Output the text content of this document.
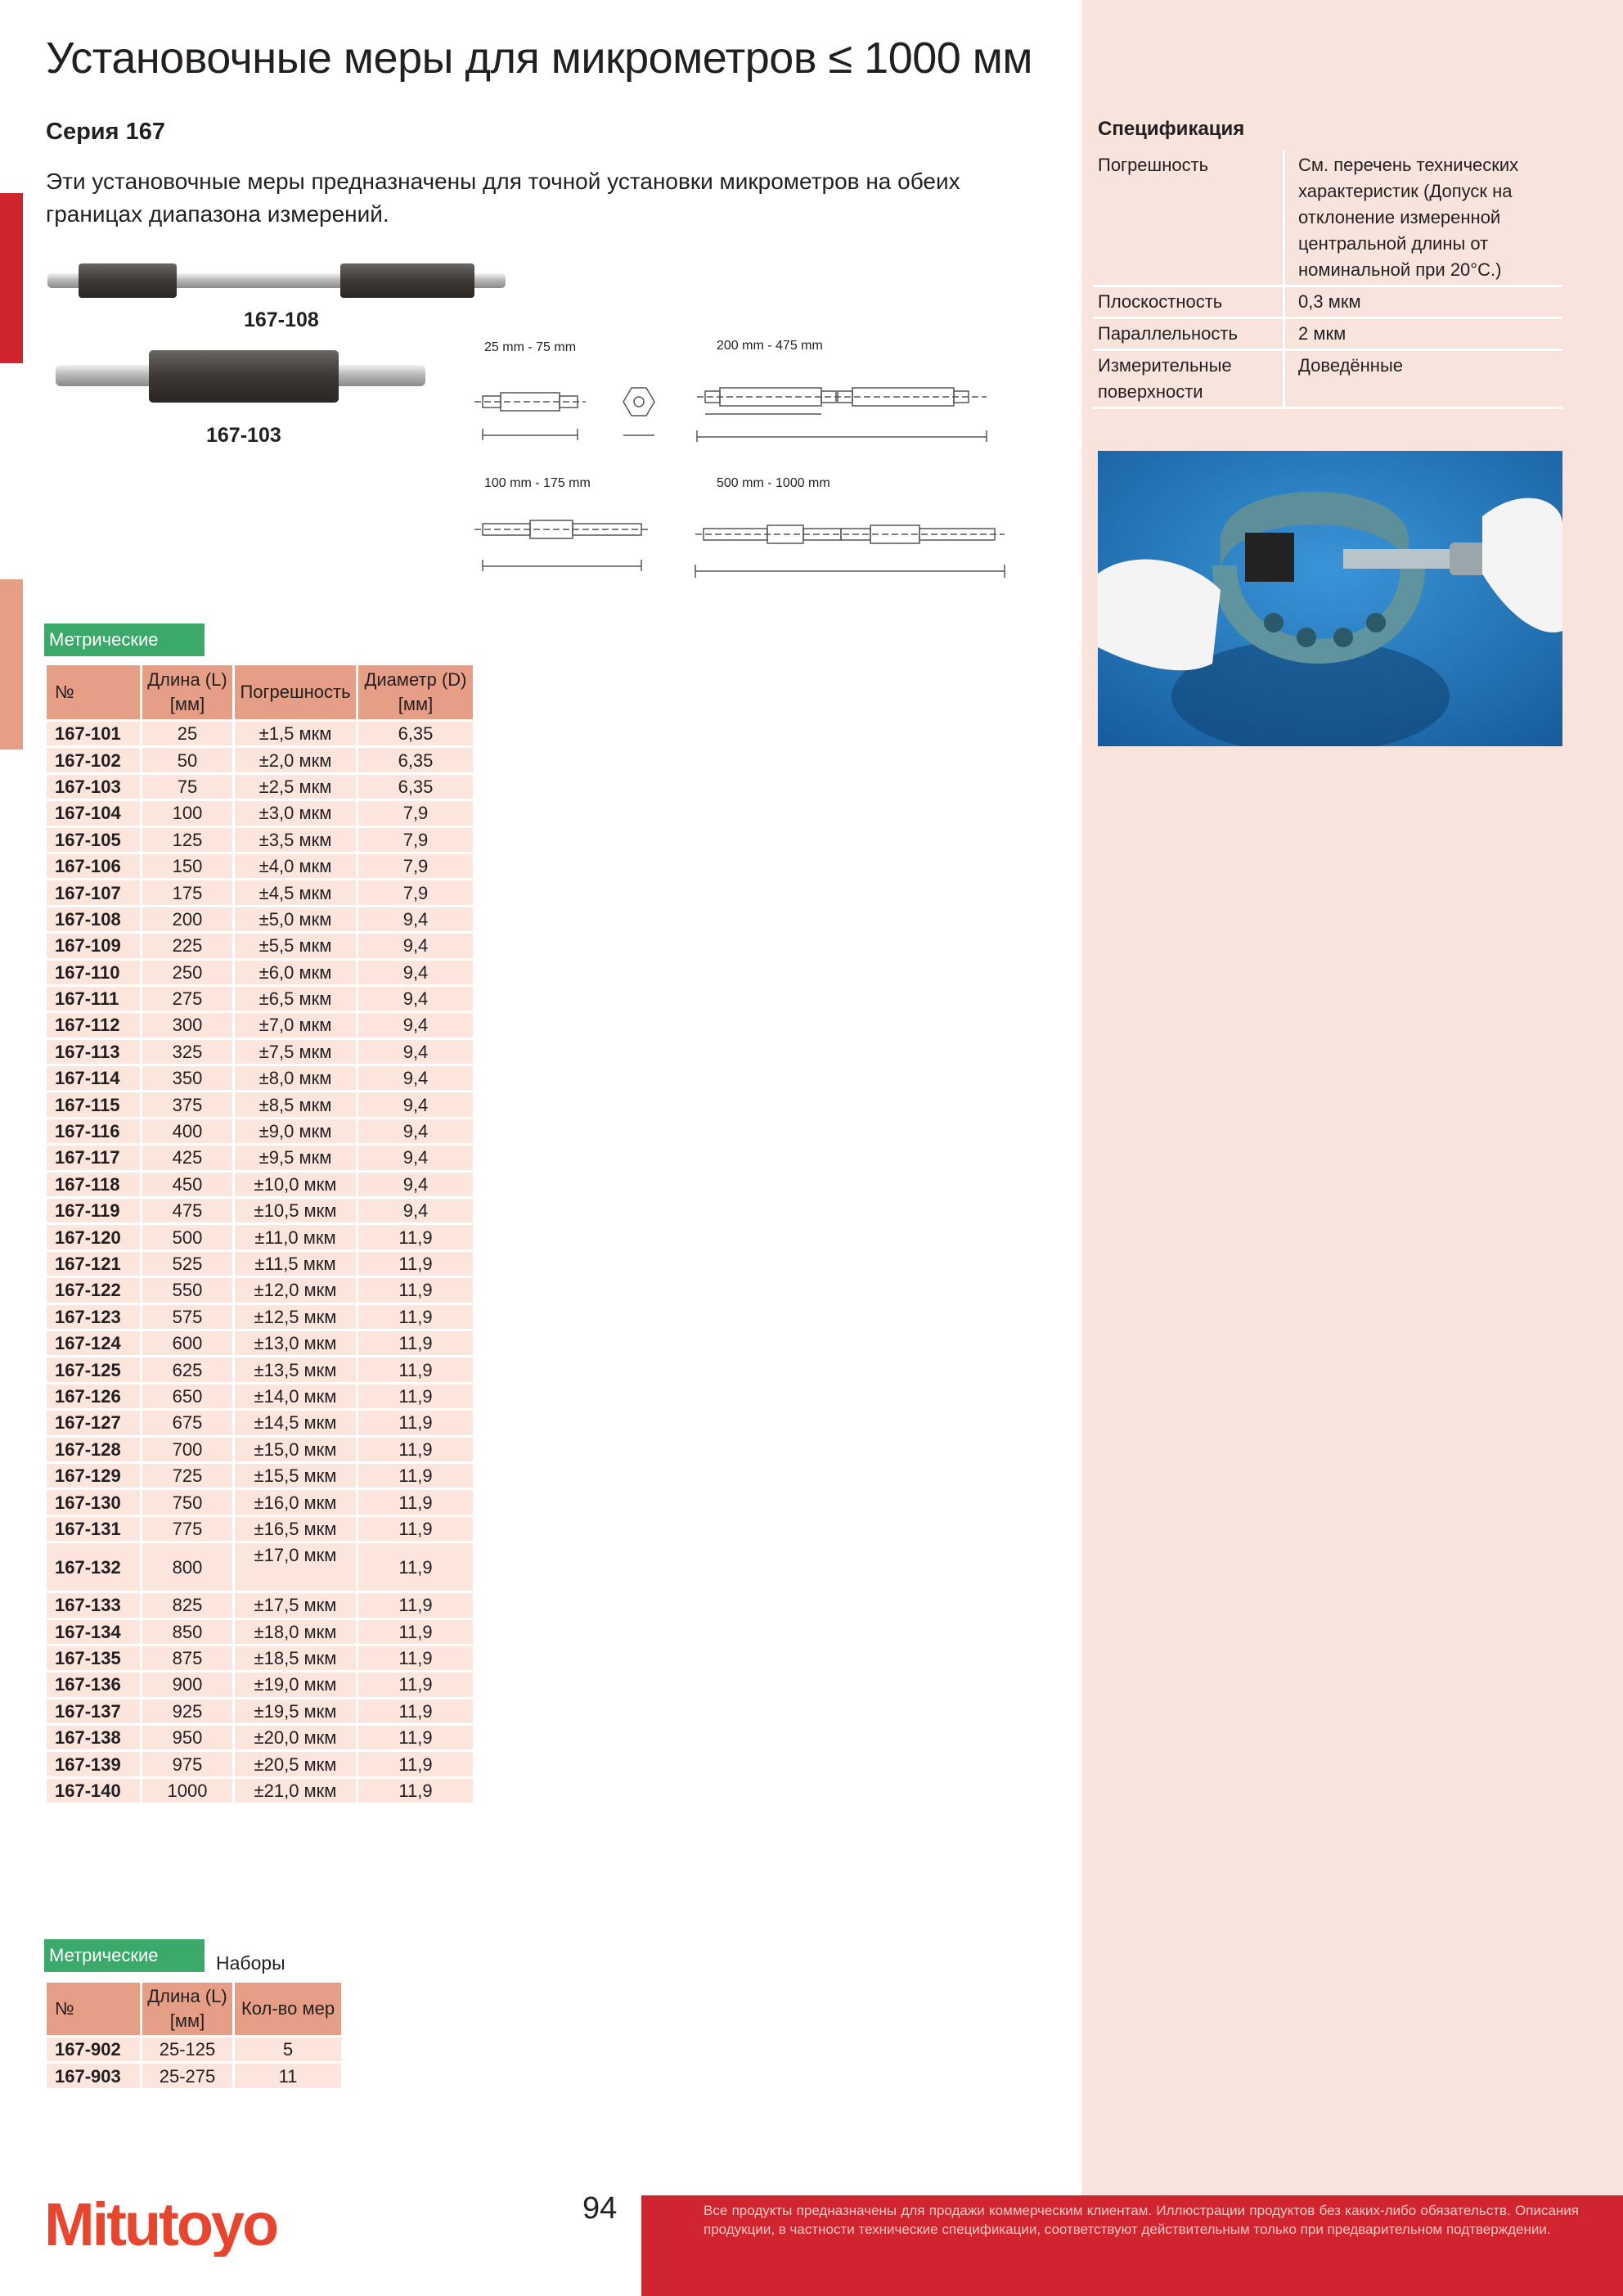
Установочные меры для микрометров ≤ 1000 мм
Серия 167
Эти установочные меры предназначены для точной установки микрометров на обеих границах диапазона измерений.
167-108
167-103
25 mm - 75 mm	200 mm - 475 mm
100 mm - 175 mm	500 mm - 1000 mm
Спецификация
Погрешность	См. перечень технических характеристик (Допуск на отклонение измеренной центральной длины от номинальной при 20°C.)
Плоскостность	0,3 мкм
Параллельность	2 мкм
Измерительные поверхности	Доведённые
Метрические
№	Длина (L) [мм]	Погрешность	Диаметр (D) [мм]
167-101	25	±1,5 мкм	6,35
167-102	50	±2,0 мкм	6,35
167-103	75	±2,5 мкм	6,35
167-104	100	±3,0 мкм	7,9
167-105	125	±3,5 мкм	7,9
167-106	150	±4,0 мкм	7,9
167-107	175	±4,5 мкм	7,9
167-108	200	±5,0 мкм	9,4
167-109	225	±5,5 мкм	9,4
167-110	250	±6,0 мкм	9,4
167-111	275	±6,5 мкм	9,4
167-112	300	±7,0 мкм	9,4
167-113	325	±7,5 мкм	9,4
167-114	350	±8,0 мкм	9,4
167-115	375	±8,5 мкм	9,4
167-116	400	±9,0 мкм	9,4
167-117	425	±9,5 мкм	9,4
167-118	450	±10,0 мкм	9,4
167-119	475	±10,5 мкм	9,4
167-120	500	±11,0 мкм	11,9
167-121	525	±11,5 мкм	11,9
167-122	550	±12,0 мкм	11,9
167-123	575	±12,5 мкм	11,9
167-124	600	±13,0 мкм	11,9
167-125	625	±13,5 мкм	11,9
167-126	650	±14,0 мкм	11,9
167-127	675	±14,5 мкм	11,9
167-128	700	±15,0 мкм	11,9
167-129	725	±15,5 мкм	11,9
167-130	750	±16,0 мкм	11,9
167-131	775	±16,5 мкм	11,9
167-132	800	±17,0 мкм	11,9
167-133	825	±17,5 мкм	11,9
167-134	850	±18,0 мкм	11,9
167-135	875	±18,5 мкм	11,9
167-136	900	±19,0 мкм	11,9
167-137	925	±19,5 мкм	11,9
167-138	950	±20,0 мкм	11,9
167-139	975	±20,5 мкм	11,9
167-140	1000	±21,0 мкм	11,9
Метрические	Наборы
№	Длина (L) [мм]	Кол-во мер
167-902	25-125	5
167-903	25-275	11
Mitutoyo	94	Все продукты предназначены для продажи коммерческим клиентам. Иллюстрации продуктов без каких-либо обязательств. Описания продукции, в частности технические спецификации, соответствуют действительным только при предварительном подтверждении.
